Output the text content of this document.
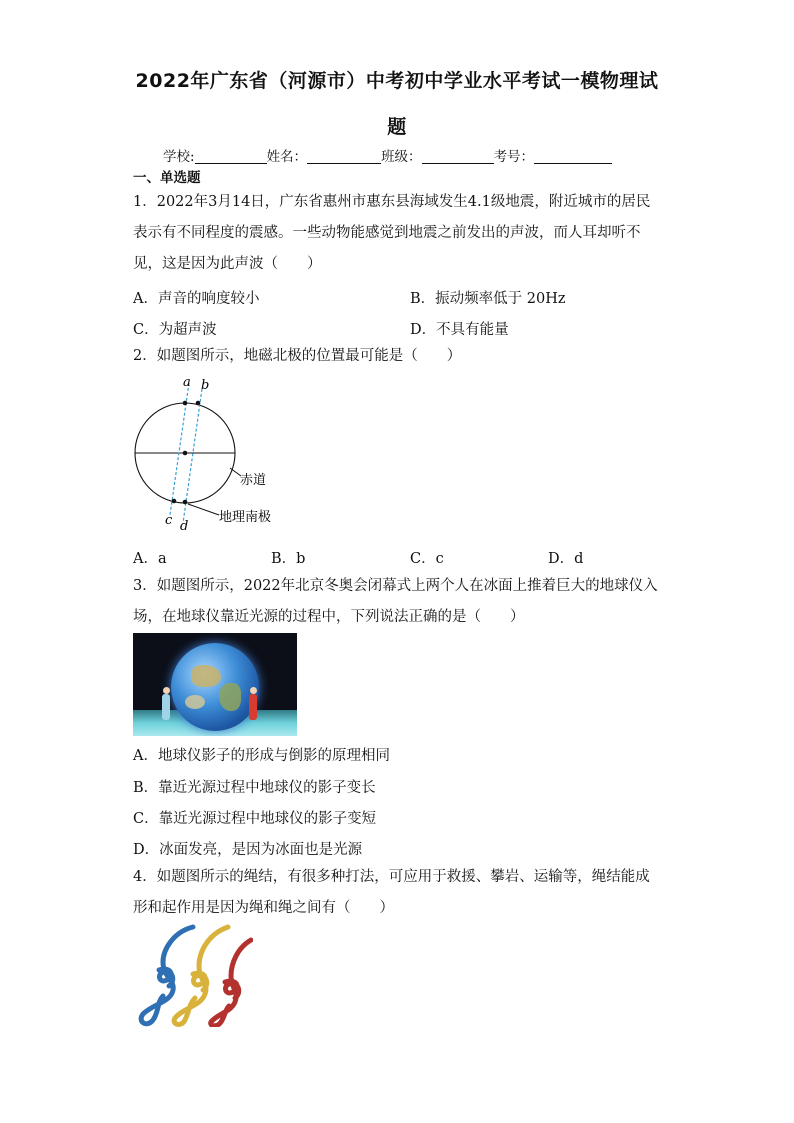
2022年广东省（河源市）中考初中学业水平考试一模物理试
题
学校:	姓名：	班级：	考号：
一、单选题
1．2022年3月14日，广东省惠州市惠东县海域发生4.1级地震，附近城市的居民表示有不同程度的震感。一些动物能感觉到地震之前发出的声波，而人耳却听不见，这是因为此声波（　　）
A．声音的响度较小	B．振动频率低于 20Hz
C．为超声波	D．不具有能量
2．如题图所示，地磁北极的位置最可能是（　　）
a b
c d
赤道
地理南极
A．a	B．b	C．c	D．d
3．如题图所示，2022年北京冬奥会闭幕式上两个人在冰面上推着巨大的地球仪入场，在地球仪靠近光源的过程中，下列说法正确的是（　　）
A．地球仪影子的形成与倒影的原理相同
B．靠近光源过程中地球仪的影子变长
C．靠近光源过程中地球仪的影子变短
D．冰面发亮，是因为冰面也是光源
4．如题图所示的绳结，有很多种打法，可应用于救援、攀岩、运输等，绳结能成形和起作用是因为绳和绳之间有（　　）
